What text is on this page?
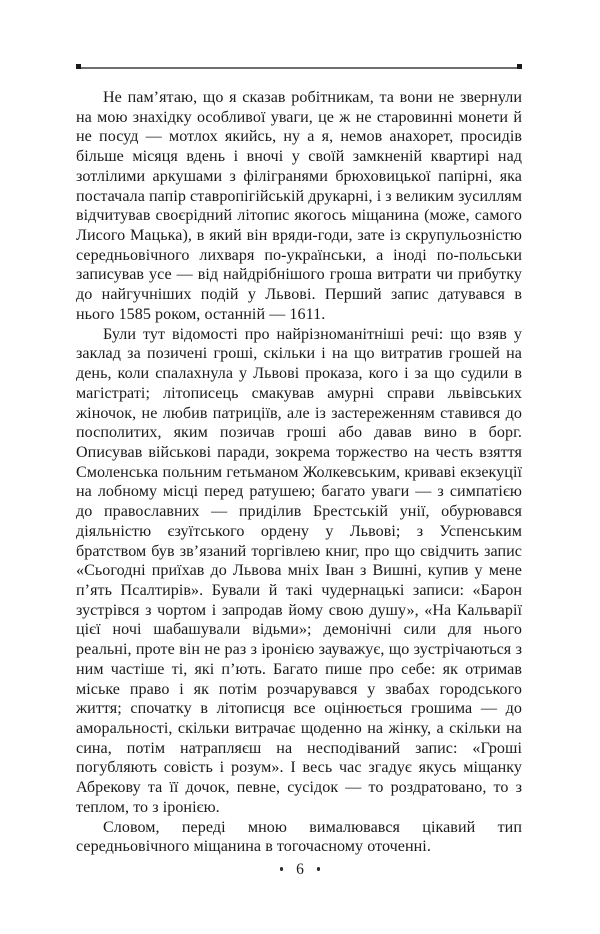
Не пам’ятаю, що я сказав робітникам, та вони не звернули на мою знахідку особливої уваги, це ж не старовинні монети й не посуд — мотлох якийсь, ну а я, немов анахорет, просидів більше місяця вдень і вночі у своїй замкненій квартирі над зотлілими аркушами з філігранями брюховицької папірні, яка постачала папір ставропігійській друкарні, і з великим зусиллям відчитував своєрідний літопис якогось міщанина (може, самого Лисого Мацька), в який він вряди-годи, зате із скрупульозністю середньовічного лихваря по-українськи, а іноді по-польськи записував усе — від найдрібнішого гроша витрати чи прибутку до найгучніших подій у Львові. Перший запис датувався в нього 1585 роком, останній — 1611.

Були тут відомості про найрізноманітніші речі: що взяв у заклад за позичені гроші, скільки і на що витратив грошей на день, коли спалахнула у Львові проказа, кого і за що судили в магістраті; літописець смакував амурні справи львівських жіночок, не любив патриціїв, але із застереженням ставився до посполитих, яким позичав гроші або давав вино в борг. Описував військові паради, зокрема торжество на честь взяття Смоленська польним гетьманом Жолкевським, криваві екзекуції на лобному місці перед ратушею; багато уваги — з симпатією до православних — приділив Брестській унії, обурювався діяльністю єзуїтського ордену у Львові; з Успенським братством був зв’язаний торгівлею книг, про що свідчить запис «Сьогодні приїхав до Львова мніх Іван з Вишні, купив у мене п’ять Псалтирів». Бували й такі чудернацькі записи: «Барон зустрівся з чортом і запродав йому свою душу», «На Кальварії цієї ночі шабашували відьми»; демонічні сили для нього реальні, проте він не раз з іронією зауважує, що зустрічаються з ним частіше ті, які п’ють. Багато пише про себе: як отримав міське право і як потім розчарувався у звабах городського життя; спочатку в літописця все оцінюється грошима — до аморальності, скільки витрачає щоденно на жінку, а скільки на сина, потім натрапляєш на несподіваний запис: «Гроші погубляють совість і розум». І весь час згадує якусь міщанку Абрекову та її дочок, певне, сусідок — то роздратовано, то з теплом, то з іронією.

Словом, переді мною вималювався цікавий тип середньовічного міщанина в тогочасному оточенні.

6
